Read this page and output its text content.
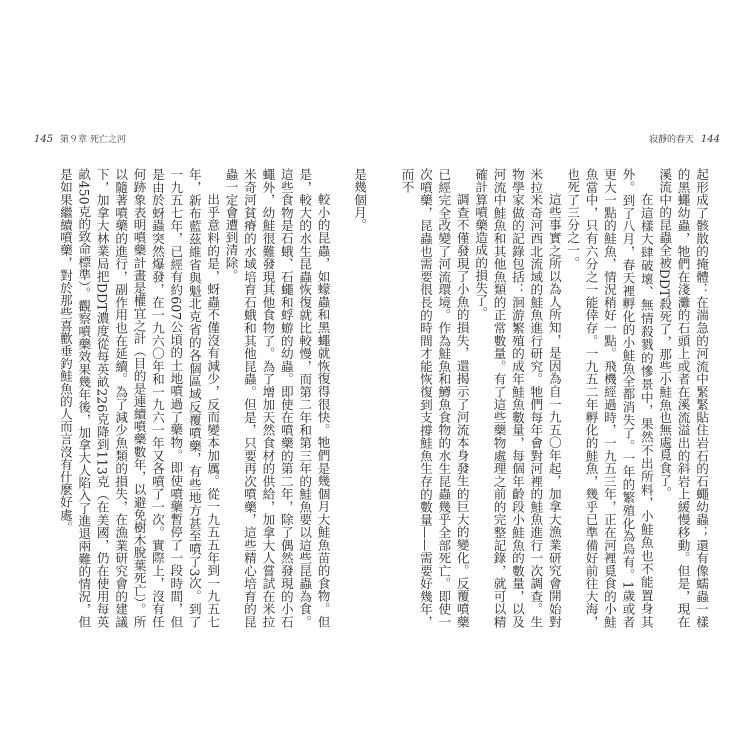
145 第９章 死亡之河	寂靜的春天 144

是幾個月。

較小的昆蟲，如蠓蟲和黑蠅就恢復得很快。牠們是幾個月大鮭魚苗的食物。但是，較大的水生昆蟲恢復就比較慢，而第二年和第三年的鮭魚要以這些昆蟲為食。這些食物是石蛾、石蠅和蜉蝣的幼蟲。即使在噴藥的第二年，除了偶然發現的小石蠅外，幼鮭很難發現其他食物了。為了增加天然食材的供給，加拿大人嘗試在米拉米奇河貧瘠的水域培育石蛾和其他昆蟲。但是，只要再次噴藥，這些精心培育的昆蟲一定會遭到清除。

出乎意料的是，蚜蟲不僅沒有減少，反而變本加厲。從一九五五年到一九五七年，新布藍茲維省與魁北克省的各個區域反覆噴藥，有些地方甚至噴了3次。到了一九五七年，已經有約607公頃的土地噴過了藥物。即使噴藥暫停了一段時間，但是由於蚜蟲突然爆發，在一九六〇年和一九六一年又各噴了一次。實際上，沒有任何跡象表明噴藥計畫是權宜之計（目的是連續噴藥數年，以避免樹木脫葉死亡）。所以隨著噴藥的進行，副作用也在延續。為了減少魚類的損失，在漁業研究會的建議下，加拿大林業局把DDT濃度從每英畝226克降到113克（在美國，仍在使用每英畝450克的致命標準）。觀察噴藥效果幾年後，加拿大人陷入了進退兩難的情況，但是如果繼續噴藥，對於那些喜歡垂釣鮭魚的人而言沒有什麼好處。	起形成了骸散的掩體：在湍急的河流中緊緊貼住岩石的石蠅幼蟲；還有像蠕蟲一樣的黑蠅幼蟲，牠們在淺灘的石頭上或者在溪流溢出的斜岩上緩慢移動。但是，現在溪流中的昆蟲全被DDT殺死了，那些小鮭魚也無處覓食了。

在這樣大肆破壞、無情殺戮的慘景中，果然不出所料，小鮭魚也不能置身其外。到了八月，春天裡孵化的小鮭魚全都消失了。一年的繁殖化為烏有。1歲或者更大一點的鮭魚，情況稍好一點。飛機經過時，一九五三年，正在河裡覓食的小鮭魚當中，只有六分之一能倖存。一九五二年孵化的鮭魚，幾乎已準備好前往大海，也死了三分之一。

這些事實之所以為人所知，是因為自一九五〇年起，加拿大漁業研究會開始對米拉米奇河西北流域的鮭魚進行研究。牠們每年會對河裡的鮭魚進行一次調查。生物學家做的記錄包括：洄游繁殖的成年鮭魚數量，每個年齡段小鮭魚的數量，以及河流中鮭魚和其他魚類的正常數量。有了這些藥物處理之前的完整記錄，就可以精確計算噴藥造成的損失了。

調查不僅發現了小魚的損失，還揭示了河流本身發生的巨大的變化。反覆噴藥已經完全改變了河流環境。作為鮭魚和鱒魚食物的水生昆蟲幾乎全部死亡。即使一次噴藥，昆蟲也需要很長的時間才能恢復到支撐鮭魚生存的數量——需要好幾年，而不
